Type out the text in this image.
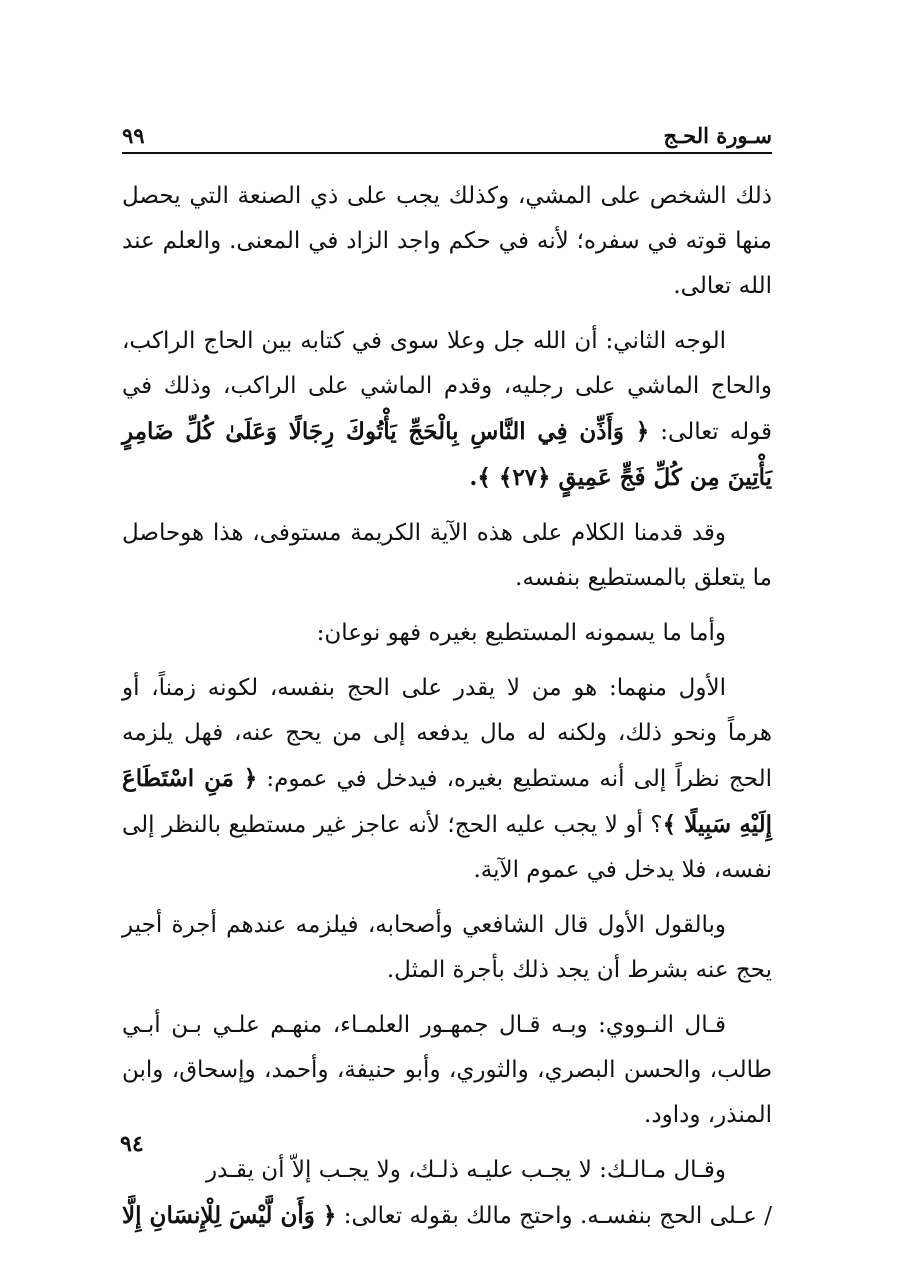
٩٩	سـورة الحـج

ذلك الشخص على المشي، وكذلك يجب على ذي الصنعة التي يحصل منها قوته في سفره؛ لأنه في حكم واجد الزاد في المعنى. والعلم عند الله تعالى.

الوجه الثاني: أن الله جل وعلا سوى في كتابه بين الحاج الراكب، والحاج الماشي على رجليه، وقدم الماشي على الراكب، وذلك في قوله تعالى: ﴿ وَأَذِّن فِي النَّاسِ بِالْحَجِّ يَأْتُوكَ رِجَالًا وَعَلَىٰ كُلِّ ضَامِرٍ يَأْتِينَ مِن كُلِّ فَجٍّ عَمِيقٍ ﴿٢٧﴾ ﴾.

وقد قدمنا الكلام على هذه الآية الكريمة مستوفى، هذا هوحاصل ما يتعلق بالمستطيع بنفسه.

وأما ما يسمونه المستطيع بغيره فهو نوعان:

الأول منهما: هو من لا يقدر على الحج بنفسه، لكونه زمناً، أو هرماً ونحو ذلك، ولكنه له مال يدفعه إلى من يحج عنه، فهل يلزمه الحج نظراً إلى أنه مستطيع بغيره، فيدخل في عموم: ﴿ مَنِ اسْتَطَاعَ إِلَيْهِ سَبِيلًا ﴾؟ أو لا يجب عليه الحج؛ لأنه عاجز غير مستطيع بالنظر إلى نفسه، فلا يدخل في عموم الآية.

وبالقول الأول قال الشافعي وأصحابه، فيلزمه عندهم أجرة أجير يحج عنه بشرط أن يجد ذلك بأجرة المثل.

قـال النـووي: وبـه قـال جمهـور العلمـاء، منهـم علـي بـن أبـي طالب، والحسن البصري، والثوري، وأبو حنيفة، وأحمد، وإسحاق، وابن المنذر، وداود.

وقـال مـالـك: لا يجـب عليـه ذلـك، ولا يجـب إلاّ أن يقـدر

/ عـلى الحج بنفسـه. واحتج مالك بقوله تعالى: ﴿ وَأَن لَّيْسَ لِلْإِنسَانِ إِلَّا
٩٤
